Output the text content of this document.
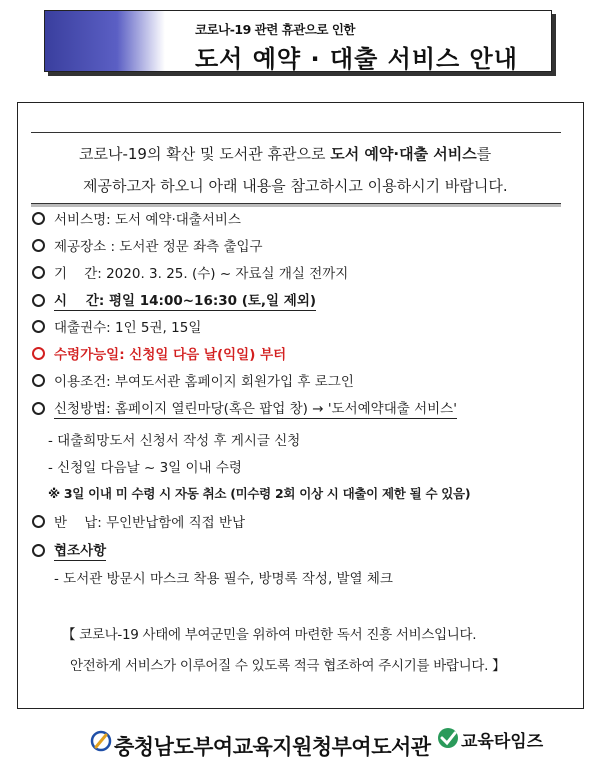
코로나-19 관련 휴관으로 인한
도서 예약 · 대출 서비스 안내
코로나-19의 확산 및 도서관 휴관으로 도서 예약·대출 서비스를
제공하고자 하오니 아래 내용을 참고하시고 이용하시기 바랍니다.
서비스명: 도서 예약·대출서비스
제공장소 : 도서관 정문 좌측 출입구
기    간: 2020. 3. 25. (수) ~ 자료실 개실 전까지
시    간: 평일 14:00~16:30 (토,일 제외)
대출권수: 1인 5권, 15일
수령가능일: 신청일 다음 날(익일) 부터
이용조건: 부여도서관 홈페이지 회원가입 후 로그인
신청방법: 홈페이지 열린마당(혹은 팝업 창) → '도서예약대출 서비스'
- 대출희망도서 신청서 작성 후 게시글 신청
- 신청일 다음날 ~ 3일 이내 수령
※ 3일 이내 미 수령 시 자동 취소 (미수령 2회 이상 시 대출이 제한 될 수 있음)
반    납: 무인반납함에 직접 반납
협조사항
- 도서관 방문시 마스크 착용 필수, 방명록 작성, 발열 체크
【 코로나-19 사태에 부여군민을 위하여 마련한 독서 진흥 서비스입니다.
안전하게 서비스가 이루어질 수 있도록 적극 협조하여 주시기를 바랍니다. 】
충청남도부여교육지원청부여도서관 교육타임즈
